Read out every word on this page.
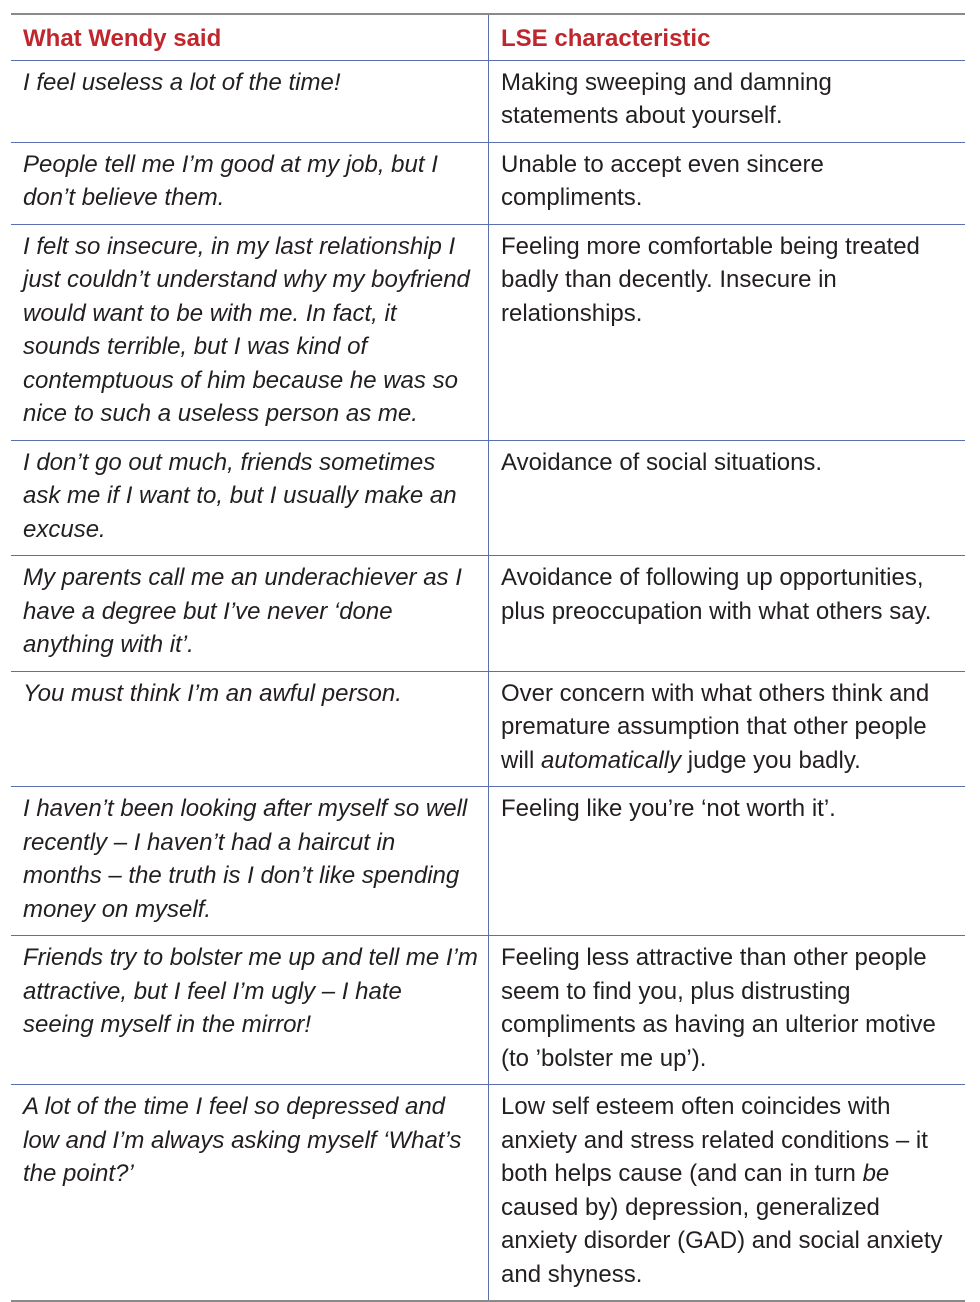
What Wendy said	LSE characteristic
I feel useless a lot of the time!	Making sweeping and damning statements about yourself.
People tell me I’m good at my job, but I don’t believe them.	Unable to accept even sincere compliments.
I felt so insecure, in my last relationship I just couldn’t understand why my boyfriend would want to be with me. In fact, it sounds terrible, but I was kind of contemptuous of him because he was so nice to such a useless person as me.	Feeling more comfortable being treated badly than decently. Insecure in relationships.
I don’t go out much, friends sometimes ask me if I want to, but I usually make an excuse.	Avoidance of social situations.
My parents call me an underachiever as I have a degree but I’ve never ‘done anything with it’.	Avoidance of following up opportunities, plus preoccupation with what others say.
You must think I’m an awful person.	Over concern with what others think and premature assumption that other people will automatically judge you badly.
I haven’t been looking after myself so well recently – I haven’t had a haircut in months – the truth is I don’t like spending money on myself.	Feeling like you’re ‘not worth it’.
Friends try to bolster me up and tell me I’m attractive, but I feel I’m ugly – I hate seeing myself in the mirror!	Feeling less attractive than other people seem to find you, plus distrusting compliments as having an ulterior motive (to ’bolster me up’).
A lot of the time I feel so depressed and low and I’m always asking myself ‘What’s the point?’	Low self esteem often coincides with anxiety and stress related conditions – it both helps cause (and can in turn be caused by) depression, generalized anxiety disorder (GAD) and social anxiety and shyness.
